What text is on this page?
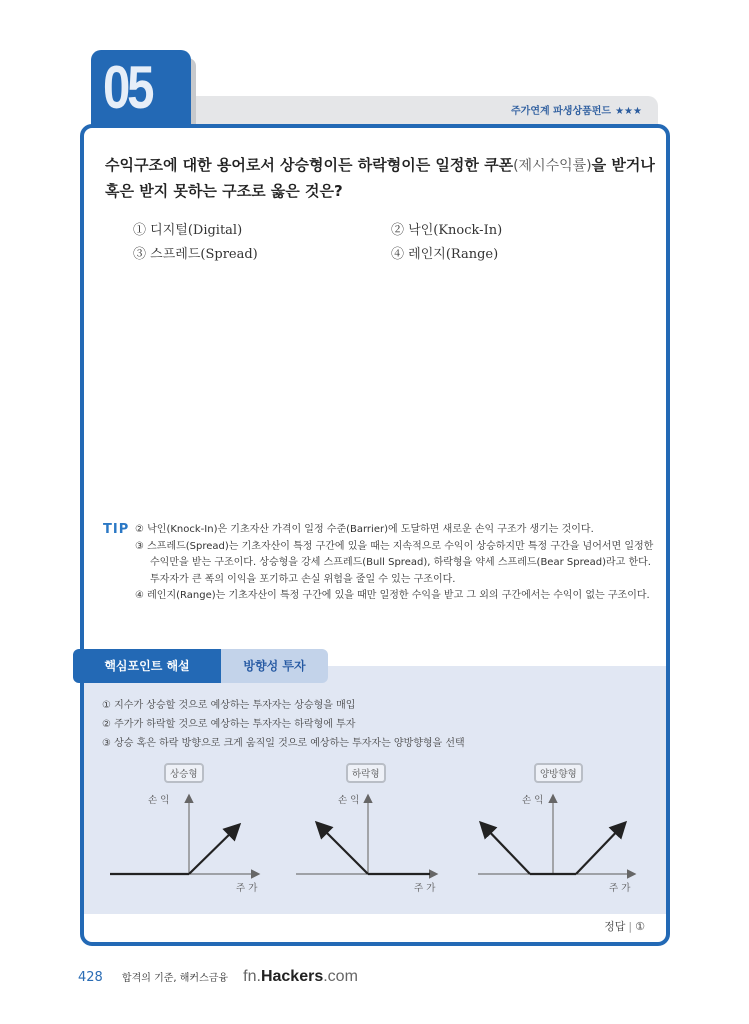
05	주가연계 파생상품펀드 ★★★
수익구조에 대한 용어로서 상승형이든 하락형이든 일정한 쿠폰(제시수익률)을 받거나 혹은 받지 못하는 구조로 옳은 것은?
① 디지털(Digital)	② 낙인(Knock-In)
③ 스프레드(Spread)	④ 레인지(Range)
TIP ② 낙인(Knock-In)은 기초자산 가격이 일정 수준(Barrier)에 도달하면 새로운 손익 구조가 생기는 것이다.
③ 스프레드(Spread)는 기초자산이 특정 구간에 있을 때는 지속적으로 수익이 상승하지만 특정 구간을 넘어서면 일정한 수익만을 받는 구조이다. 상승형을 강세 스프레드(Bull Spread), 하락형을 약세 스프레드(Bear Spread)라고 한다. 투자자가 큰 폭의 이익을 포기하고 손실 위험을 줄일 수 있는 구조이다.
④ 레인지(Range)는 기초자산이 특정 구간에 있을 때만 일정한 수익을 받고 그 외의 구간에서는 수익이 없는 구조이다.
핵심포인트 해설	방향성 투자
① 지수가 상승할 것으로 예상하는 투자자는 상승형을 매입
② 주가가 하락할 것으로 예상하는 투자자는 하락형에 투자
③ 상승 혹은 하락 방향으로 크게 움직일 것으로 예상하는 투자자는 양방향형을 선택
상승형
손 익
주 가
하락형
손 익
주 가
양방향형
손 익
주 가
정답 | ①
428 합격의 기준, 해커스금융 fn.Hackers.com
